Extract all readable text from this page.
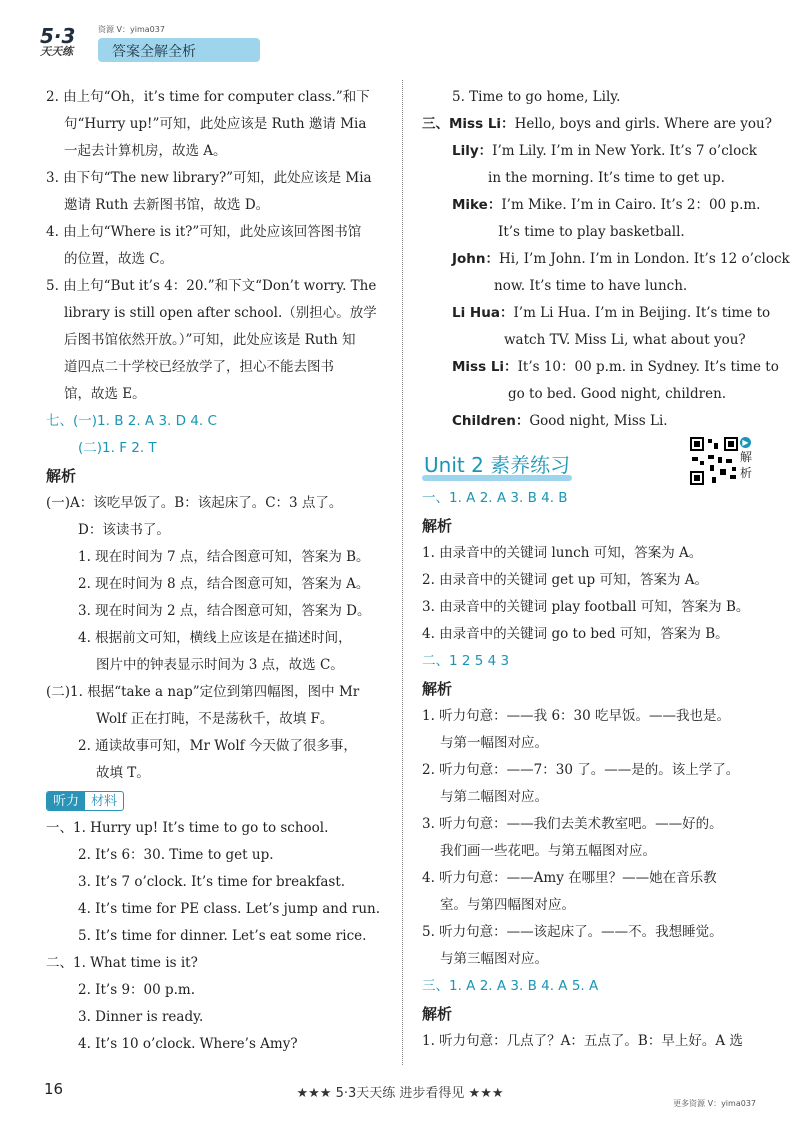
5·3
天天练
资源 V：yima037
答案全解全析
2. 由上句“Oh，it’s time for computer class.”和下
句“Hurry up!”可知，此处应该是 Ruth 邀请 Mia
一起去计算机房，故选 A。
3. 由下句“The new library?”可知，此处应该是 Mia
邀请 Ruth 去新图书馆，故选 D。
4. 由上句“Where is it?”可知，此处应该回答图书馆
的位置，故选 C。
5. 由上句“But it’s 4：20.”和下文“Don’t worry. The
library is still open after school.（别担心。放学
后图书馆依然开放。）”可知，此处应该是 Ruth 知
道四点二十学校已经放学了，担心不能去图书
馆，故选 E。
七、(一)1. B 2. A 3. D 4. C
(二)1. F 2. T
解析
(一)A：该吃早饭了。B：该起床了。C：3 点了。
D：该读书了。
1. 现在时间为 7 点，结合图意可知，答案为 B。
2. 现在时间为 8 点，结合图意可知，答案为 A。
3. 现在时间为 2 点，结合图意可知，答案为 D。
4. 根据前文可知，横线上应该是在描述时间，
图片中的钟表显示时间为 3 点，故选 C。
(二)1. 根据“take a nap”定位到第四幅图，图中 Mr
Wolf 正在打盹，不是荡秋千，故填 F。
2. 通读故事可知，Mr Wolf 今天做了很多事，
故填 T。
听力 材料
一、1. Hurry up! It’s time to go to school.
2. It’s 6：30. Time to get up.
3. It’s 7 o’clock. It’s time for breakfast.
4. It’s time for PE class. Let’s jump and run.
5. It’s time for dinner. Let’s eat some rice.
二、1. What time is it?
2. It’s 9：00 p.m.
3. Dinner is ready.
4. It’s 10 o’clock. Where’s Amy?
5. Time to go home, Lily.
三、Miss Li：Hello, boys and girls. Where are you?
Lily：I’m Lily. I’m in New York. It’s 7 o’clock
in the morning. It’s time to get up.
Mike：I’m Mike. I’m in Cairo. It’s 2：00 p.m.
It’s time to play basketball.
John：Hi, I’m John. I’m in London. It’s 12 o’clock
now. It’s time to have lunch.
Li Hua：I’m Li Hua. I’m in Beijing. It’s time to
watch TV. Miss Li, what about you?
Miss Li：It’s 10：00 p.m. in Sydney. It’s time to
go to bed. Good night, children.
Children：Good night, Miss Li.
Unit 2 素养练习
▶
解
析
一、1. A 2. A 3. B 4. B
解析
1. 由录音中的关键词 lunch 可知，答案为 A。
2. 由录音中的关键词 get up 可知，答案为 A。
3. 由录音中的关键词 play football 可知，答案为 B。
4. 由录音中的关键词 go to bed 可知，答案为 B。
二、1 2 5 4 3
解析
1. 听力句意：——我 6：30 吃早饭。——我也是。
与第一幅图对应。
2. 听力句意：——7：30 了。——是的。该上学了。
与第二幅图对应。
3. 听力句意：——我们去美术教室吧。——好的。
我们画一些花吧。与第五幅图对应。
4. 听力句意：——Amy 在哪里？——她在音乐教
室。与第四幅图对应。
5. 听力句意：——该起床了。——不。我想睡觉。
与第三幅图对应。
三、1. A 2. A 3. B 4. A 5. A
解析
1. 听力句意：几点了？A：五点了。B：早上好。A 选
16	★★★ 5·3天天练 进步看得见 ★★★
更多资源 V：yima037
